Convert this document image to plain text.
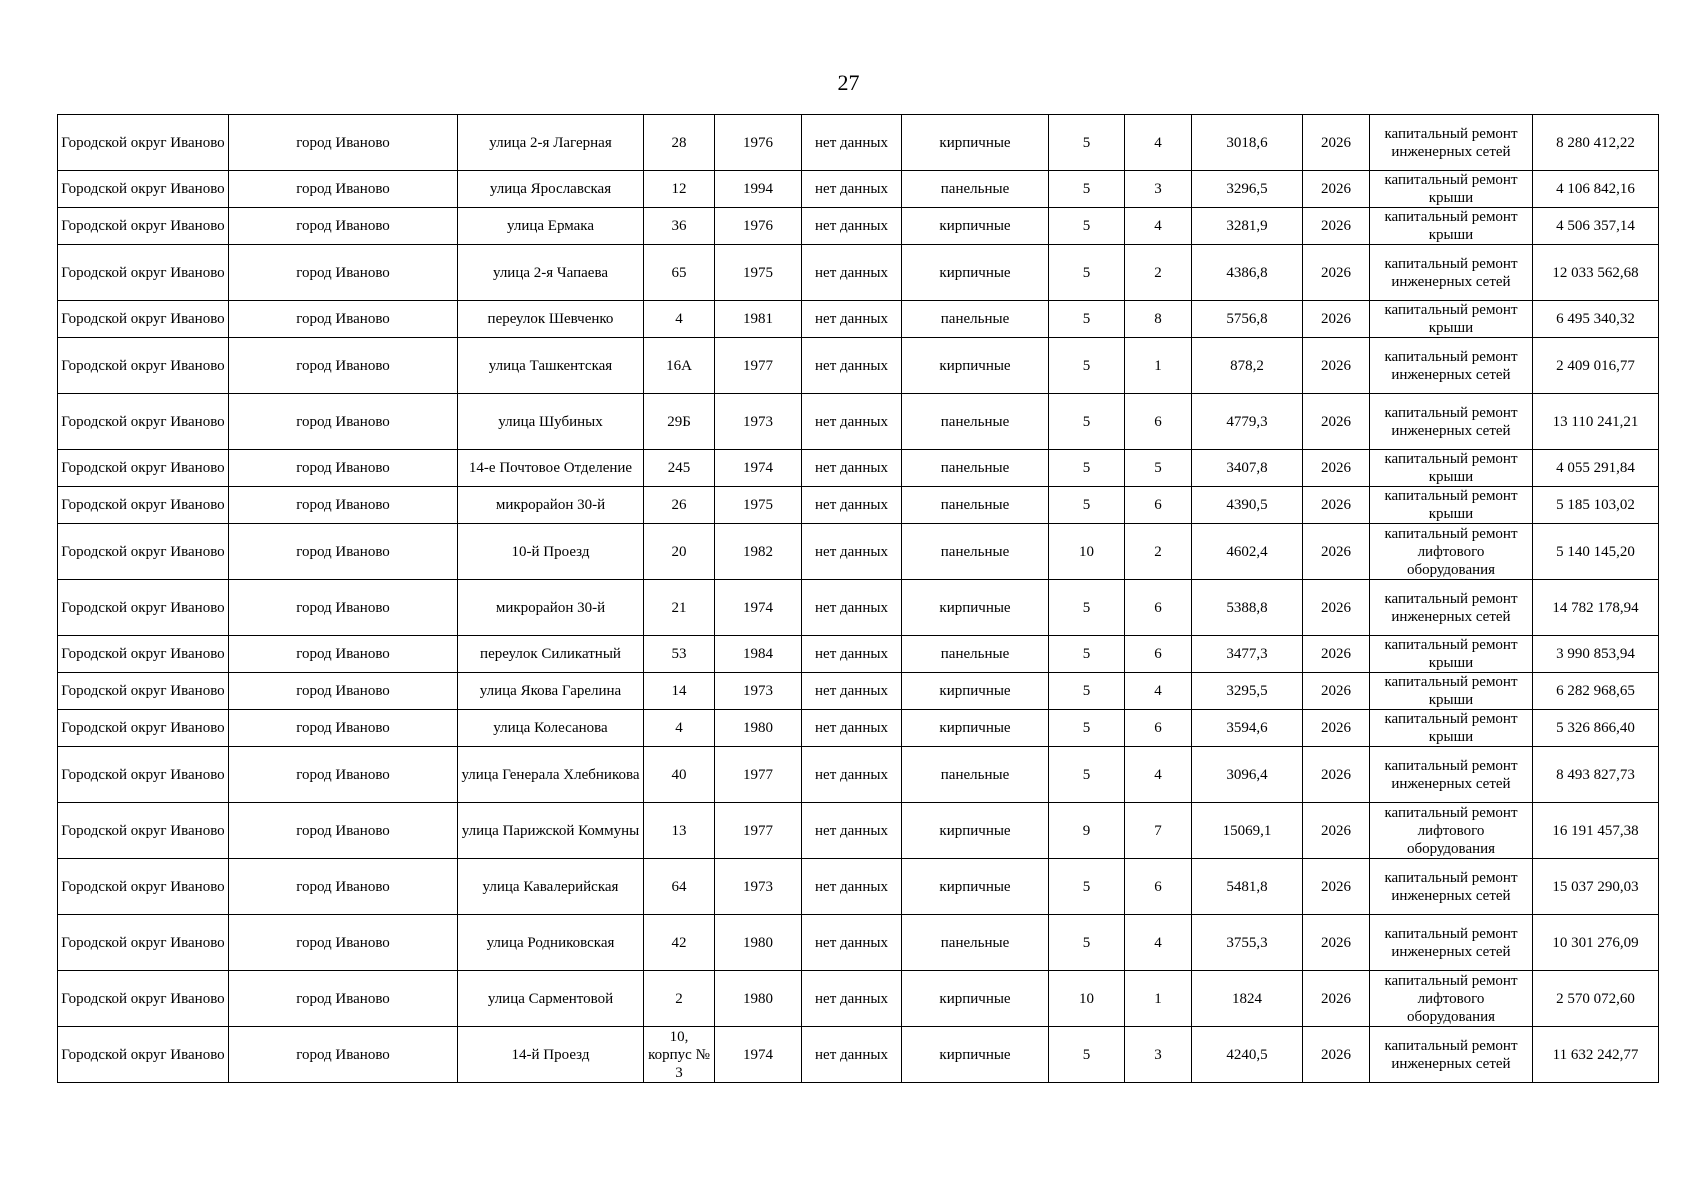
27
Городской округ Иваново	город Иваново	улица 2-я Лагерная	28	1976	нет данных	кирпичные	5	4	3018,6	2026	капитальный ремонт инженерных сетей	8 280 412,22
Городской округ Иваново	город Иваново	улица Ярославская	12	1994	нет данных	панельные	5	3	3296,5	2026	капитальный ремонт крыши	4 106 842,16
Городской округ Иваново	город Иваново	улица Ермака	36	1976	нет данных	кирпичные	5	4	3281,9	2026	капитальный ремонт крыши	4 506 357,14
Городской округ Иваново	город Иваново	улица 2-я Чапаева	65	1975	нет данных	кирпичные	5	2	4386,8	2026	капитальный ремонт инженерных сетей	12 033 562,68
Городской округ Иваново	город Иваново	переулок Шевченко	4	1981	нет данных	панельные	5	8	5756,8	2026	капитальный ремонт крыши	6 495 340,32
Городской округ Иваново	город Иваново	улица Ташкентская	16А	1977	нет данных	кирпичные	5	1	878,2	2026	капитальный ремонт инженерных сетей	2 409 016,77
Городской округ Иваново	город Иваново	улица Шубиных	29Б	1973	нет данных	панельные	5	6	4779,3	2026	капитальный ремонт инженерных сетей	13 110 241,21
Городской округ Иваново	город Иваново	14-е Почтовое Отделение	245	1974	нет данных	панельные	5	5	3407,8	2026	капитальный ремонт крыши	4 055 291,84
Городской округ Иваново	город Иваново	микрорайон 30-й	26	1975	нет данных	панельные	5	6	4390,5	2026	капитальный ремонт крыши	5 185 103,02
Городской округ Иваново	город Иваново	10-й Проезд	20	1982	нет данных	панельные	10	2	4602,4	2026	капитальный ремонт лифтового оборудования	5 140 145,20
Городской округ Иваново	город Иваново	микрорайон 30-й	21	1974	нет данных	кирпичные	5	6	5388,8	2026	капитальный ремонт инженерных сетей	14 782 178,94
Городской округ Иваново	город Иваново	переулок Силикатный	53	1984	нет данных	панельные	5	6	3477,3	2026	капитальный ремонт крыши	3 990 853,94
Городской округ Иваново	город Иваново	улица Якова Гарелина	14	1973	нет данных	кирпичные	5	4	3295,5	2026	капитальный ремонт крыши	6 282 968,65
Городской округ Иваново	город Иваново	улица Колесанова	4	1980	нет данных	кирпичные	5	6	3594,6	2026	капитальный ремонт крыши	5 326 866,40
Городской округ Иваново	город Иваново	улица Генерала Хлебникова	40	1977	нет данных	панельные	5	4	3096,4	2026	капитальный ремонт инженерных сетей	8 493 827,73
Городской округ Иваново	город Иваново	улица Парижской Коммуны	13	1977	нет данных	кирпичные	9	7	15069,1	2026	капитальный ремонт лифтового оборудования	16 191 457,38
Городской округ Иваново	город Иваново	улица Кавалерийская	64	1973	нет данных	кирпичные	5	6	5481,8	2026	капитальный ремонт инженерных сетей	15 037 290,03
Городской округ Иваново	город Иваново	улица Родниковская	42	1980	нет данных	панельные	5	4	3755,3	2026	капитальный ремонт инженерных сетей	10 301 276,09
Городской округ Иваново	город Иваново	улица Сарментовой	2	1980	нет данных	кирпичные	10	1	1824	2026	капитальный ремонт лифтового оборудования	2 570 072,60
Городской округ Иваново	город Иваново	14-й Проезд	10, корпус № 3	1974	нет данных	кирпичные	5	3	4240,5	2026	капитальный ремонт инженерных сетей	11 632 242,77
